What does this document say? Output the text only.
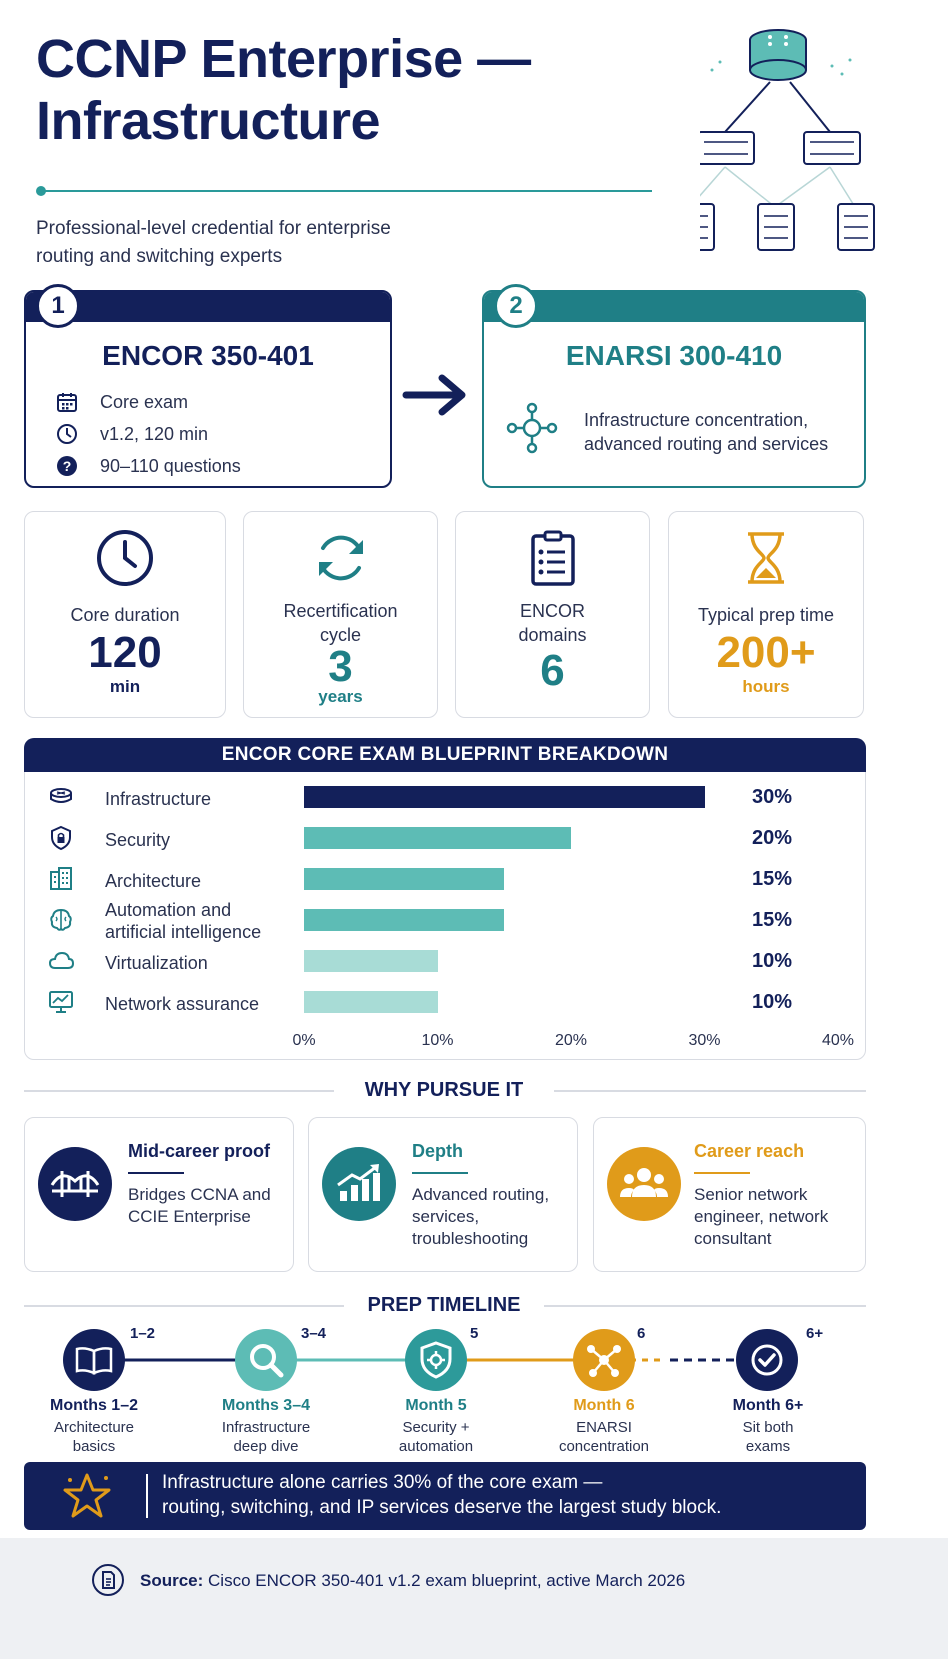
CCNP Enterprise —
Infrastructure
Professional-level credential for enterprise
routing and switching experts
1
ENCOR 350-401
Core exam
v1.2, 120 min
? 90–110 questions
2
ENARSI 300-410
Infrastructure concentration,
advanced routing and services
Core duration
120
min
Recertification
cycle
3
years
ENCOR
domains
6
Typical prep time
200+
hours
ENCOR CORE EXAM BLUEPRINT BREAKDOWN
Infrastructure	30%
Security	20%
Architecture	15%
Automation and
artificial intelligence
15%
Virtualization	10%
Network assurance	10%
0%	10%	20%	30%	40%
WHY PURSUE IT
Mid-career proof
Bridges CCNA and
CCIE Enterprise
Depth
Advanced routing,
services,
troubleshooting
Career reach
Senior network
engineer, network
consultant
PREP TIMELINE
1–2
Months 1–2
Architecture
basics
3–4
Months 3–4
Infrastructure
deep dive
5
Month 5
Security +
automation
6
Month 6
ENARSI
concentration
6+
Month 6+
Sit both
exams
Infrastructure alone carries 30% of the core exam —
routing, switching, and IP services deserve the largest study block.
Source: Cisco ENCOR 350-401 v1.2 exam blueprint, active March 2026
